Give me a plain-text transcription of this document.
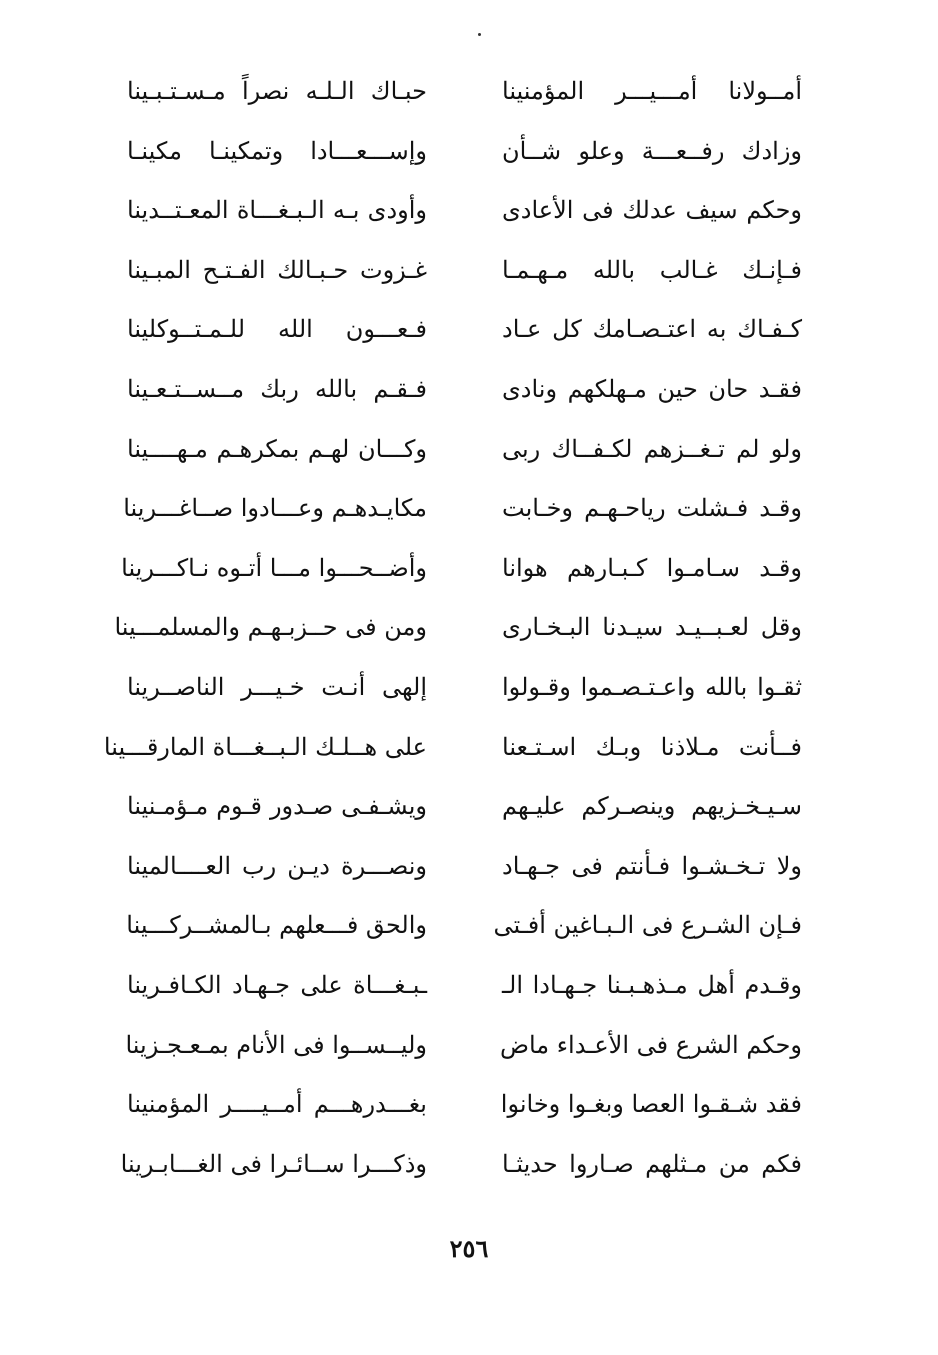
أمــولانا أمـــيـــر المؤمنينا
حبـاك الـلـه نصراً مـسـتـبـينا
وزادك رفــعـــة وعلو شــأن
وإســـعـــادا وتمكينـا مكينـا
وحكم سيف عدلك فى الأعادى
وأودى بـه الـبـغـــاة المعـتــدينا
فـإنـك غـالب بالله مـهـمـا
غـزوت حـبـالك الفـتـح المبـينا
كـفـاك به اعتـصـامك كل عـاد
فـعـــون الله للـمـتــوكلينا
فقـد حان حين مـهلكهم ونادى
فـقـم بالله ربك مــســتـعـينا
ولو لم تـغــزهم لكـفــاك ربى
وكـــان لهـم بمكرهـم مـهــــينا
وقـد فـشلت رياحـهـم وخـابت
مكايـدهـم وعـــادوا صــاغـــرينا
وقـد سـامـوا كـبـارهم هوانا
وأضــحـــوا مـــا أتـوه نـاكـــرينا
وقل لعـبــيـد سيـدنا البـخـارى
ومن فى حــزبـهـم والمسلمـــينا
ثقـوا بالله واعـتـصـموا وقـولوا
إلهى أنـت خـيـــر الناصــرينا
فــأنت مـلاذنا وبـك اسـتـعنا
على هــلـك الـبــغـــاة المارقـــينا
سـيـخـزيهم وينصـركم عليـهم
ويشـفـى صـدور قـوم مـؤمـنينا
ولا تـخـشـوا فـأنتم فى جـهـاد
ونصـــرة ديـن رب العــــالمينا
فـإن الشـرع فى الـبـاغين أفـتى
والحق فـــعلهم بـالمشــركـــينا
وقـدم أهل مـذهـبـنا جـهـادا الـ
ـبـغـــاة على جـهـاد الكـافـرينا
وحكم الشرع فى الأعـداء ماض
وليــســوا فى الأنام بمـعـجـزينا
فقد شـقـوا العصا وبغـوا وخانوا
بغـــدرهـــم أمــيــــر المؤمنينا
فكم من مـثلهم صـاروا حديثـا
وذكـــرا ســائـرا فى الغـــابـرينا
٢٥٦
